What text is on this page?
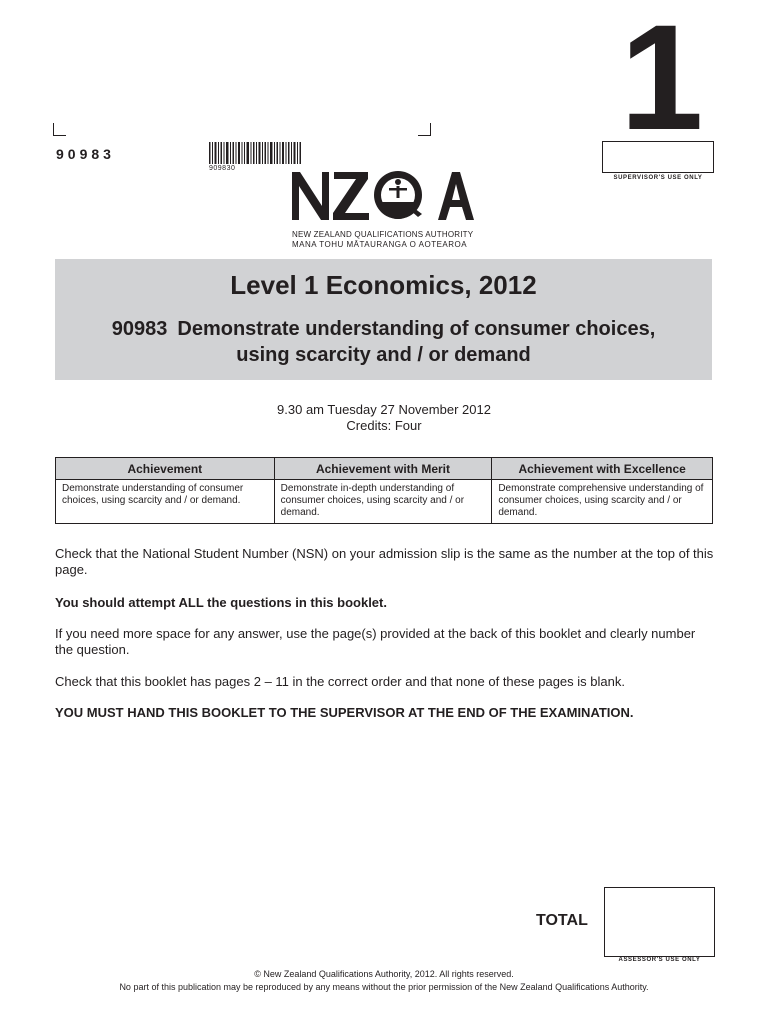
1
90983
909830
SUPERVISOR'S USE ONLY
NEW ZEALAND QUALIFICATIONS AUTHORITY
MANA TOHU MĀTAURANGA O AOTEAROA
Level 1 Economics, 2012
90983 Demonstrate understanding of consumer choices,
using scarcity and / or demand
9.30 am Tuesday 27 November 2012
Credits: Four
Achievement	Achievement with Merit	Achievement with Excellence
Demonstrate understanding of consumer choices, using scarcity and / or demand.	Demonstrate in-depth understanding of consumer choices, using scarcity and / or demand.	Demonstrate comprehensive understanding of consumer choices, using scarcity and / or demand.
Check that the National Student Number (NSN) on your admission slip is the same as the number at the top of this page.
You should attempt ALL the questions in this booklet.
If you need more space for any answer, use the page(s) provided at the back of this booklet and clearly number the question.
Check that this booklet has pages 2 – 11 in the correct order and that none of these pages is blank.
YOU MUST HAND THIS BOOKLET TO THE SUPERVISOR AT THE END OF THE EXAMINATION.
TOTAL
ASSESSOR'S USE ONLY
© New Zealand Qualifications Authority, 2012. All rights reserved.
No part of this publication may be reproduced by any means without the prior permission of the New Zealand Qualifications Authority.
